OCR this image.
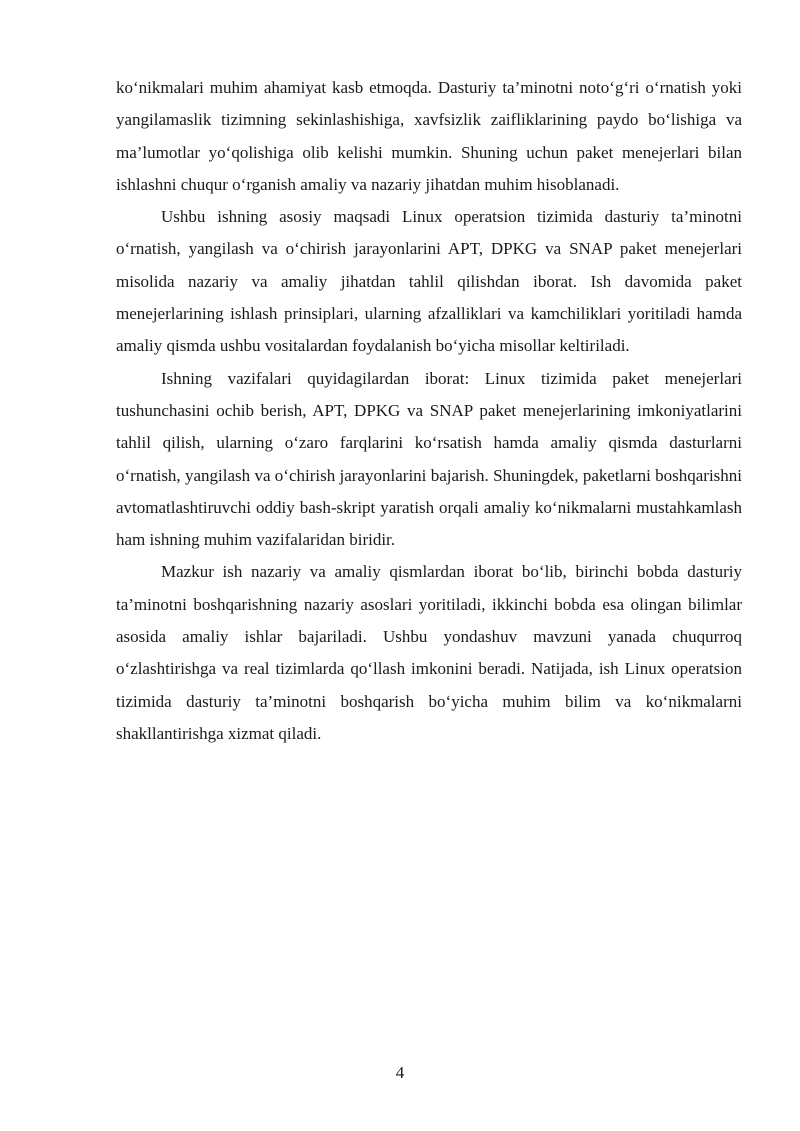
ko‘nikmalari muhim ahamiyat kasb etmoqda. Dasturiy ta’minotni noto‘g‘ri o‘rnatish yoki yangilamaslik tizimning sekinlashishiga, xavfsizlik zaifliklarining paydo bo‘lishiga va ma’lumotlar yo‘qolishiga olib kelishi mumkin. Shuning uchun paket menejerlari bilan ishlashni chuqur o‘rganish amaliy va nazariy jihatdan muhim hisoblanadi.

Ushbu ishning asosiy maqsadi Linux operatsion tizimida dasturiy ta’minotni o‘rnatish, yangilash va o‘chirish jarayonlarini APT, DPKG va SNAP paket menejerlari misolida nazariy va amaliy jihatdan tahlil qilishdan iborat. Ish davomida paket menejerlarining ishlash prinsiplari, ularning afzalliklari va kamchiliklari yoritiladi hamda amaliy qismda ushbu vositalardan foydalanish bo‘yicha misollar keltiriladi.

Ishning vazifalari quyidagilardan iborat: Linux tizimida paket menejerlari tushunchasini ochib berish, APT, DPKG va SNAP paket menejerlarining imkoniyatlarini tahlil qilish, ularning o‘zaro farqlarini ko‘rsatish hamda amaliy qismda dasturlarni o‘rnatish, yangilash va o‘chirish jarayonlarini bajarish. Shuningdek, paketlarni boshqarishni avtomatlashtiruvchi oddiy bash-skript yaratish orqali amaliy ko‘nikmalarni mustahkamlash ham ishning muhim vazifalaridan biridir.

Mazkur ish nazariy va amaliy qismlardan iborat bo‘lib, birinchi bobda dasturiy ta’minotni boshqarishning nazariy asoslari yoritiladi, ikkinchi bobda esa olingan bilimlar asosida amaliy ishlar bajariladi. Ushbu yondashuv mavzuni yanada chuqurroq o‘zlashtirishga va real tizimlarda qo‘llash imkonini beradi. Natijada, ish Linux operatsion tizimida dasturiy ta’minotni boshqarish bo‘yicha muhim bilim va ko‘nikmalarni shakllantirishga xizmat qiladi.

4
